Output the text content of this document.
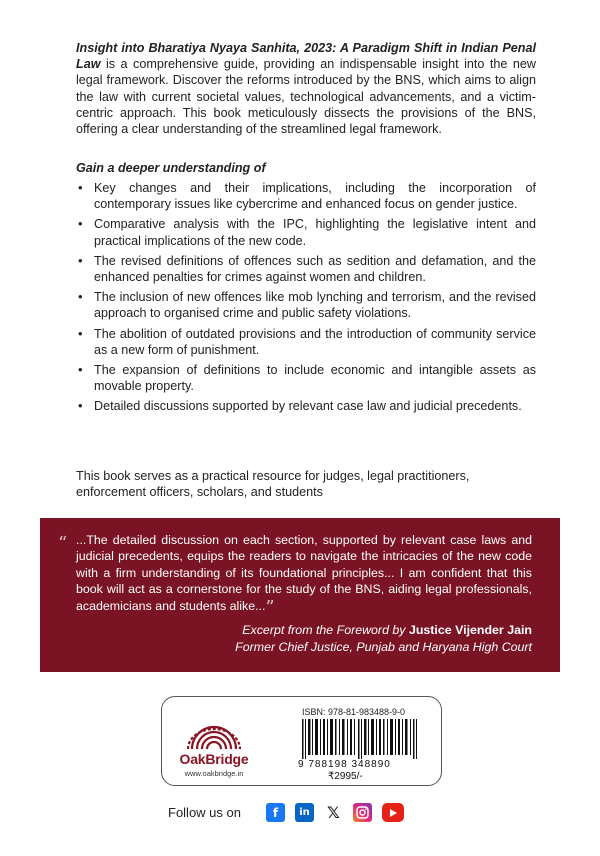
Insight into Bharatiya Nyaya Sanhita, 2023: A Paradigm Shift in Indian Penal Law is a comprehensive guide, providing an indispensable insight into the new legal framework. Discover the reforms introduced by the BNS, which aims to align the law with current societal values, technological advancements, and a victim-centric approach. This book meticulously dissects the provisions of the BNS, offering a clear understanding of the streamlined legal framework.

Gain a deeper understanding of

• Key changes and their implications, including the incorporation of contemporary issues like cybercrime and enhanced focus on gender justice.
• Comparative analysis with the IPC, highlighting the legislative intent and practical implications of the new code.
• The revised definitions of offences such as sedition and defamation, and the enhanced penalties for crimes against women and children.
• The inclusion of new offences like mob lynching and terrorism, and the revised approach to organised crime and public safety violations.
• The abolition of outdated provisions and the introduction of community service as a new form of punishment.
• The expansion of definitions to include economic and intangible assets as movable property.
• Detailed discussions supported by relevant case law and judicial precedents.

This book serves as a practical resource for judges, legal practitioners, enforcement officers, scholars, and students

“ ...The detailed discussion on each section, supported by relevant case laws and judicial precedents, equips the readers to navigate the intricacies of the new code with a firm understanding of its foundational principles... I am confident that this book will act as a cornerstone for the study of the BNS, aiding legal professionals, academicians and students alike...”

Excerpt from the Foreword by Justice Vijender Jain
Former Chief Justice, Punjab and Haryana High Court
OakBridge
www.oakbridge.in
ISBN: 978-81-983488-9-0
9 788198 348890
₹2995/-
Follow us on	f	in 𝕏
